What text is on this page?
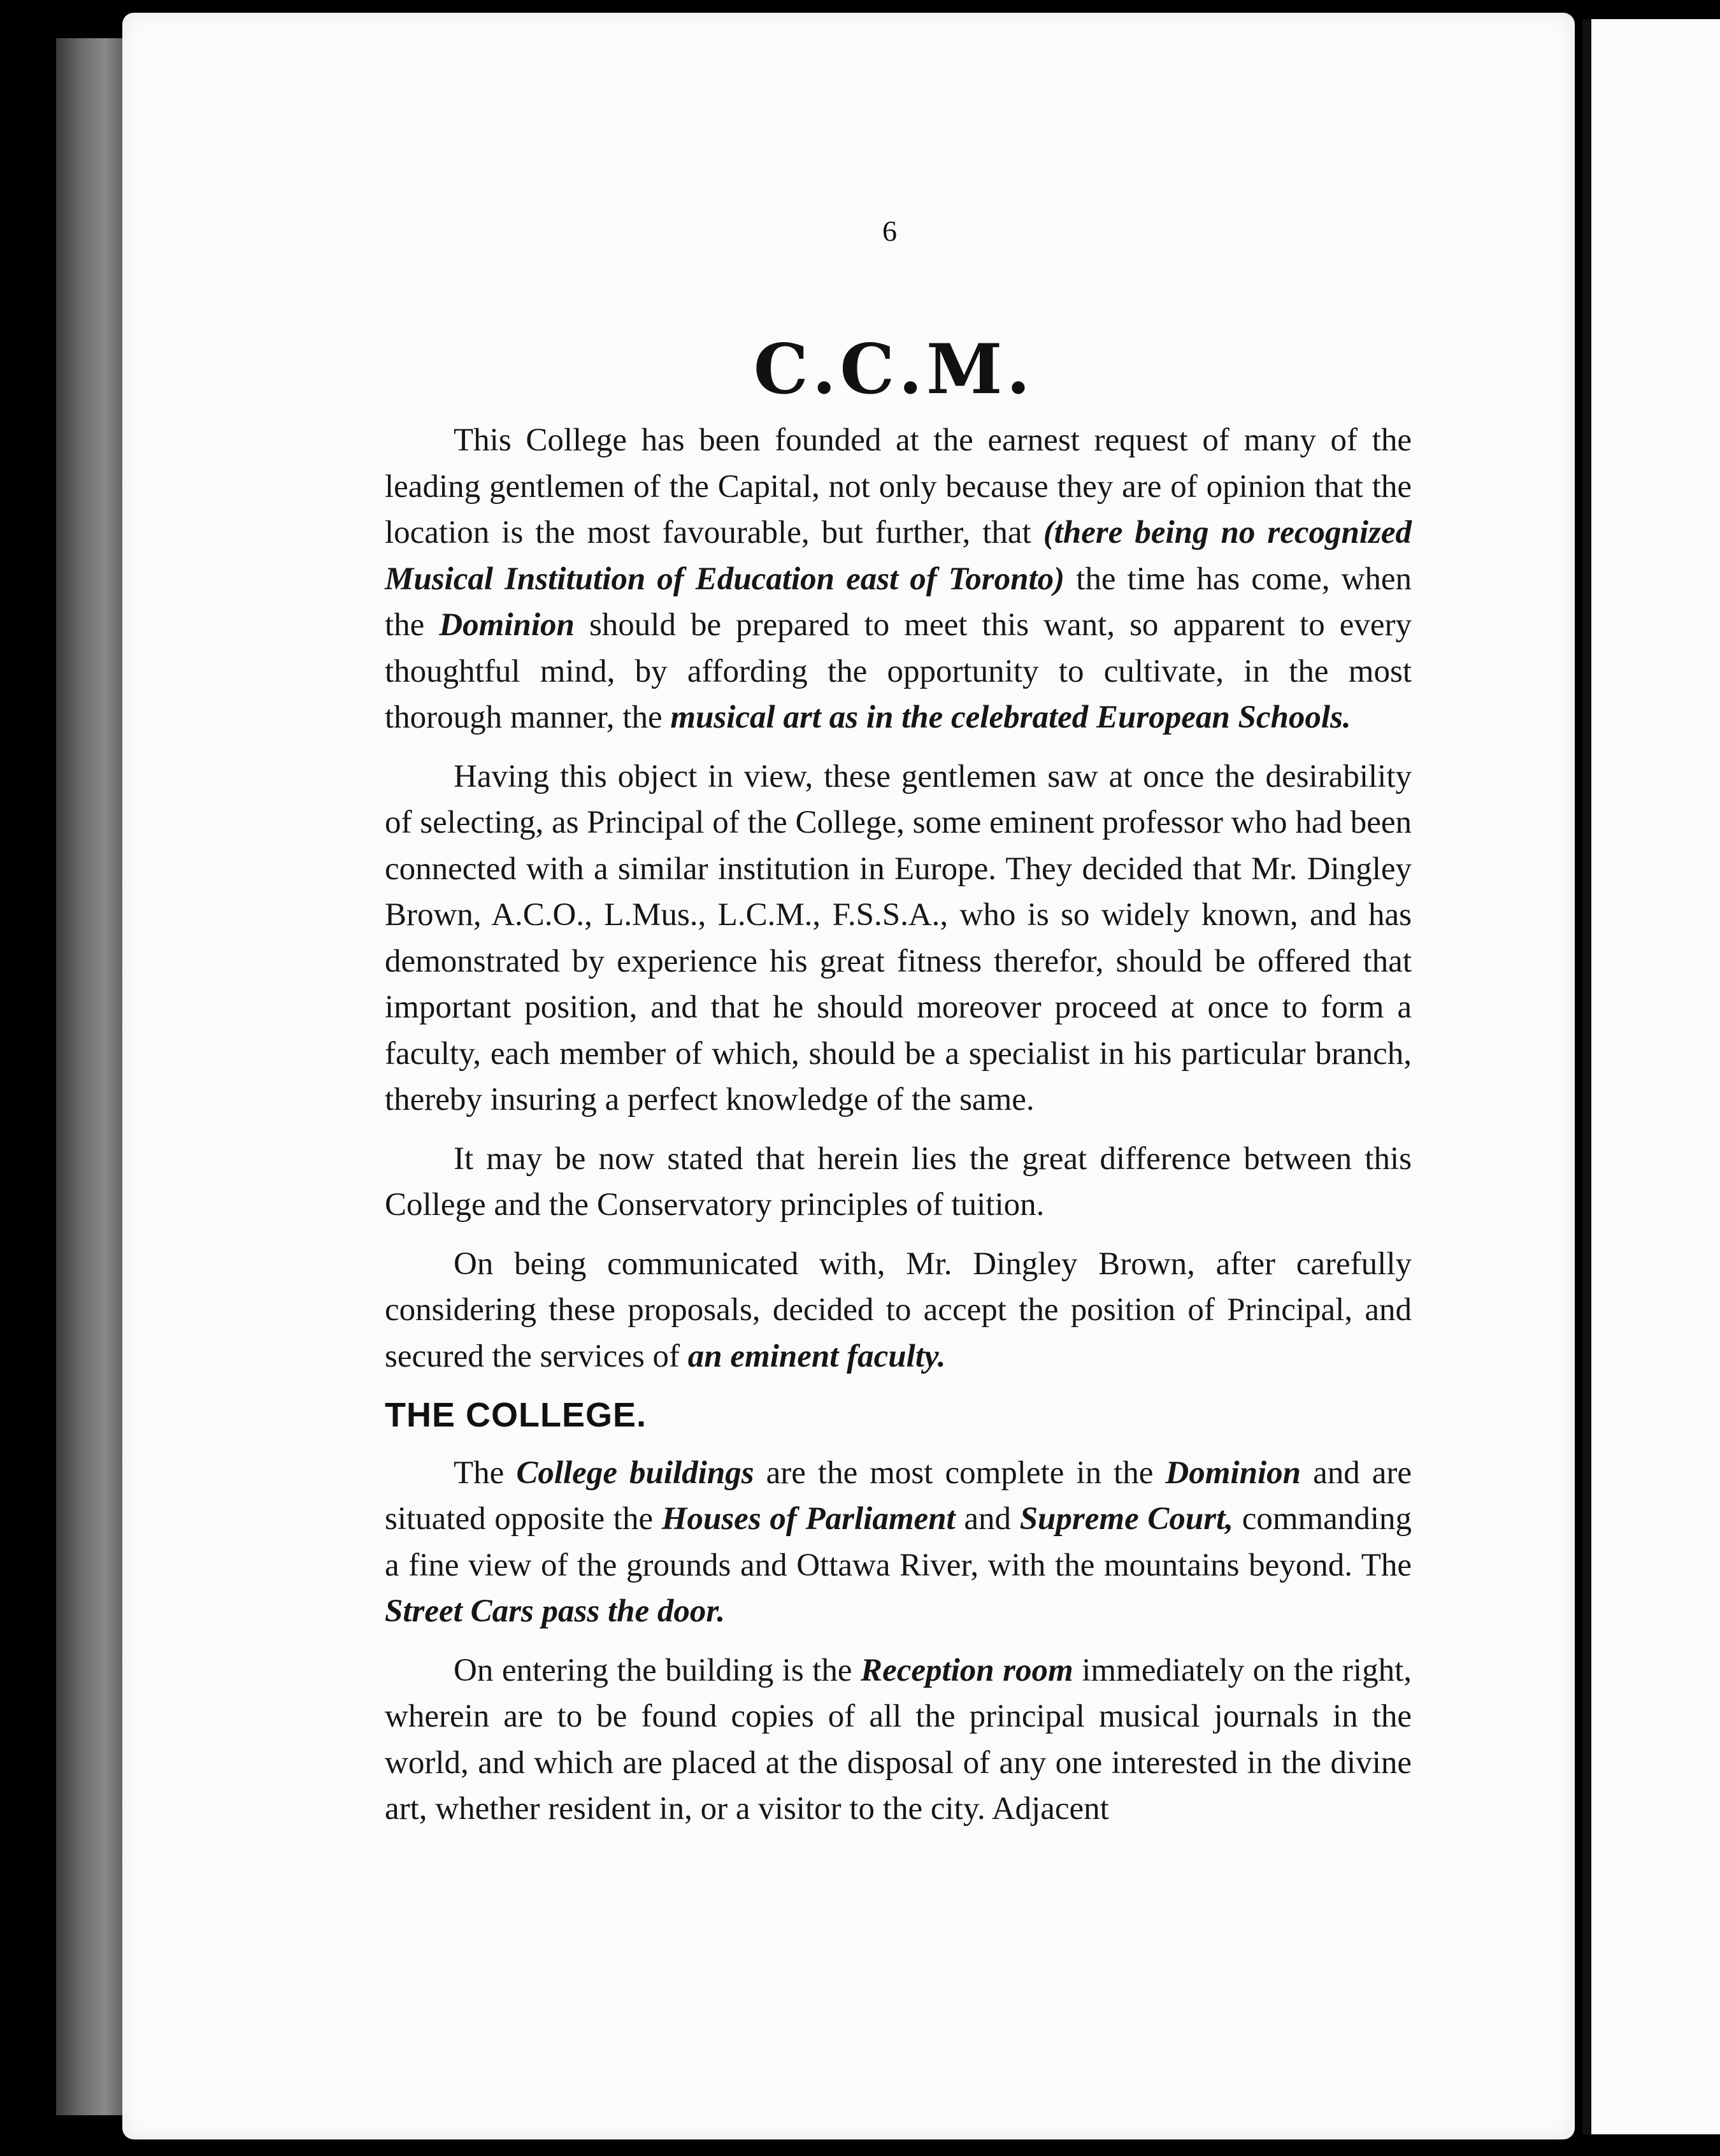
6
C . C . M .

This College has been founded at the earnest request of many of the leading gentlemen of the Capital, not only because they are of opinion that the location is the most favourable, but further, that (there being no recognized Musical Institution of Education east of Toronto) the time has come, when the Dominion should be prepared to meet this want, so apparent to every thoughtful mind, by affording the opportunity to cultivate, in the most thorough manner, the musical art as in the celebrated European Schools.

Having this object in view, these gentlemen saw at once the desirability of selecting, as Principal of the College, some eminent professor who had been connected with a similar institution in Europe. They decided that Mr. Dingley Brown, A.C.O., L.Mus., L.C.M., F.S.S.A., who is so widely known, and has demonstrated by experience his great fitness therefor, should be offered that important position, and that he should moreover proceed at once to form a faculty, each member of which, should be a specialist in his particular branch, thereby insuring a perfect knowledge of the same.

It may be now stated that herein lies the great difference between this College and the Conservatory principles of tuition.

On being communicated with, Mr. Dingley Brown, after carefully considering these proposals, decided to accept the position of Principal, and secured the services of an eminent faculty.

THE COLLEGE.

The College buildings are the most complete in the Dominion and are situated opposite the Houses of Parliament and Supreme Court, commanding a fine view of the grounds and Ottawa River, with the mountains beyond. The Street Cars pass the door.

On entering the building is the Reception room immediately on the right, wherein are to be found copies of all the principal musical journals in the world, and which are placed at the disposal of any one interested in the divine art, whether resident in, or a visitor to the city. Adjacent
